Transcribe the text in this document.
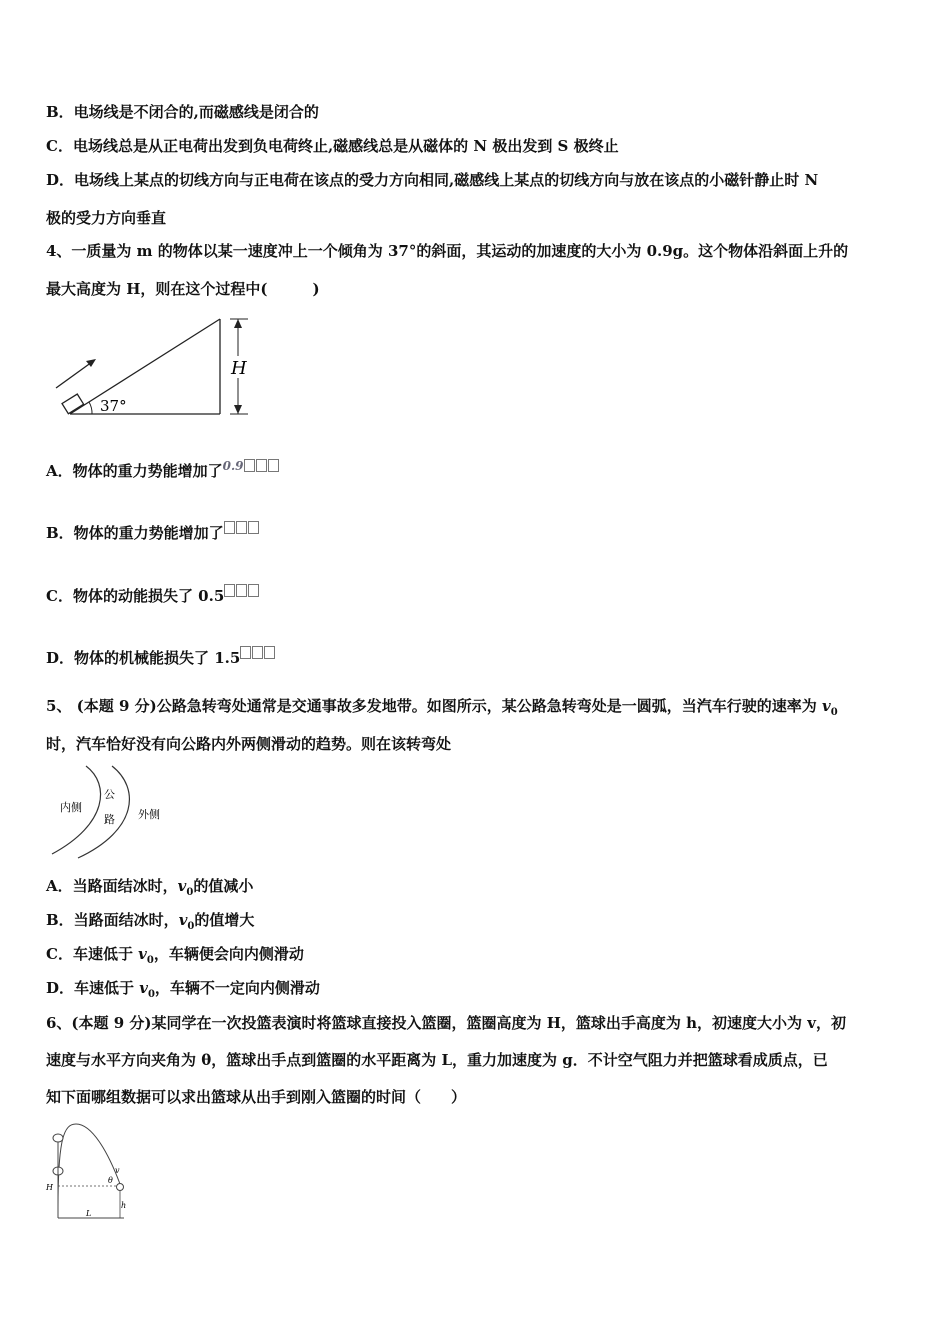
B．电场线是不闭合的,而磁感线是闭合的
C．电场线总是从正电荷出发到负电荷终止,磁感线总是从磁体的 N 极出发到 S 极终止
D．电场线上某点的切线方向与正电荷在该点的受力方向相同,磁感线上某点的切线方向与放在该点的小磁针静止时 N
极的受力方向垂直
4、一质量为 m 的物体以某一速度冲上一个倾角为 37°的斜面，其运动的加速度的大小为 0.9g。这个物体沿斜面上升的
最大高度为 H，则在这个过程中(　　　)
37°
H
A．物体的重力势能增加了$^{0.9}$
B．物体的重力势能增加了
C．物体的动能损失了 0.5
D．物体的机械能损失了 1.5
5、 (本题 9 分)公路急转弯处通常是交通事故多发地带。如图所示，某公路急转弯处是一圆弧，当汽车行驶的速率为 $v_0$
时，汽车恰好没有向公路内外两侧滑动的趋势。则在该转弯处
内侧
公
路 外侧
A．当路面结冰时，$v_0$的值减小
B．当路面结冰时，$v_0$的值增大
C．车速低于 $v_0$，车辆便会向内侧滑动
D．车速低于 $v_0$，车辆不一定向内侧滑动
6、(本题 9 分)某同学在一次投篮表演时将篮球直接投入篮圈，篮圈高度为 H，篮球出手高度为 h，初速度大小为 v，初
速度与水平方向夹角为 θ，篮球出手点到篮圈的水平距离为 L，重力加速度为 g．不计空气阻力并把篮球看成质点，已
知下面哪组数据可以求出篮球从出手到刚入篮圈的时间（　　）
v
θ
H
h
L
